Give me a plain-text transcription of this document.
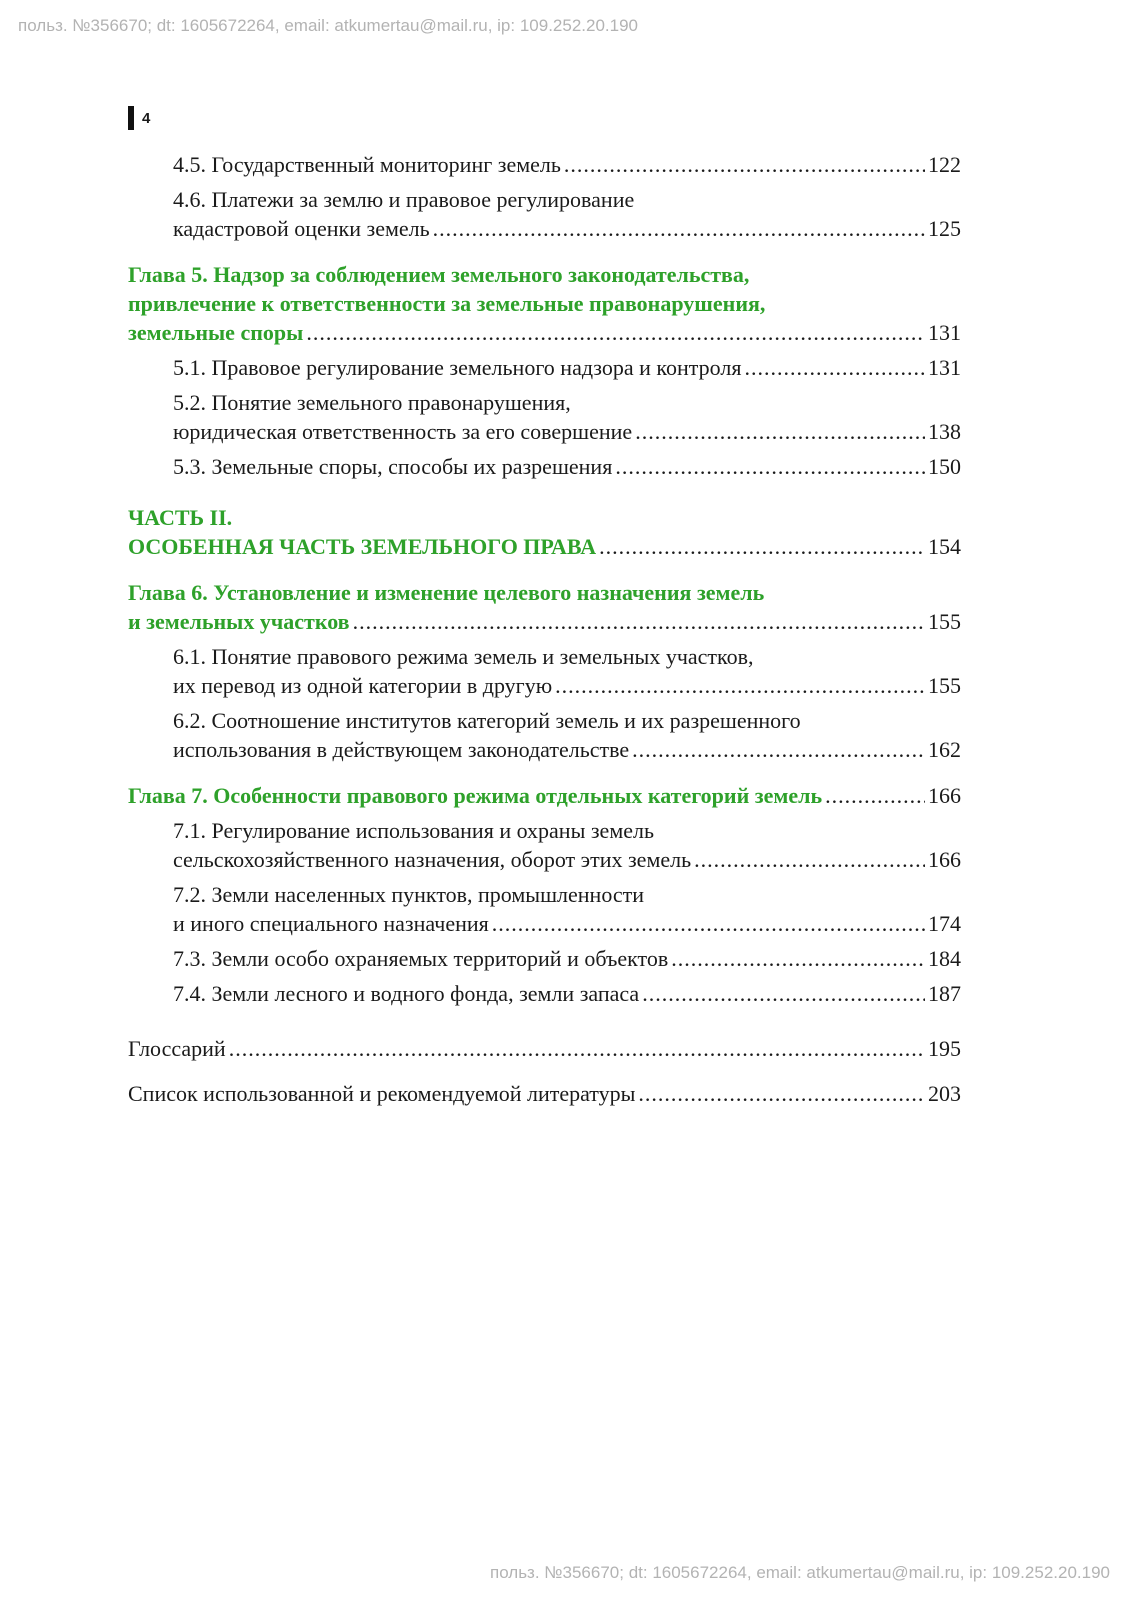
польз. №356670; dt: 1605672264, email: atkumertau@mail.ru, ip: 109.252.20.190
4
4.5. Государственный мониторинг земель .....	122
4.6. Платежи за землю и правовое регулирование
кадастровой оценки земель .....	125
Глава 5. Надзор за соблюдением земельного законодательства,
привлечение к ответственности за земельные правонарушения,
земельные споры .....	131
5.1. Правовое регулирование земельного надзора и контроля .....	131
5.2. Понятие земельного правонарушения,
юридическая ответственность за его совершение .....	138
5.3. Земельные споры, способы их разрешения .....	150
ЧАСТЬ II.
ОСОБЕННАЯ ЧАСТЬ ЗЕМЕЛЬНОГО ПРАВА .....	154
Глава 6. Установление и изменение целевого назначения земель
и земельных участков .....	155
6.1. Понятие правового режима земель и земельных участков,
их перевод из одной категории в другую .....	155
6.2. Соотношение институтов категорий земель и их разрешенного
использования в действующем законодательстве .....	162
Глава 7. Особенности правового режима отдельных категорий земель .....	166
7.1. Регулирование использования и охраны земель
сельскохозяйственного назначения, оборот этих земель .....	166
7.2. Земли населенных пунктов, промышленности
и иного специального назначения .....	174
7.3. Земли особо охраняемых территорий и объектов .....	184
7.4. Земли лесного и водного фонда, земли запаса .....	187
Глоссарий .....	195
Список использованной и рекомендуемой литературы .....	203
польз. №356670; dt: 1605672264, email: atkumertau@mail.ru, ip: 109.252.20.190
